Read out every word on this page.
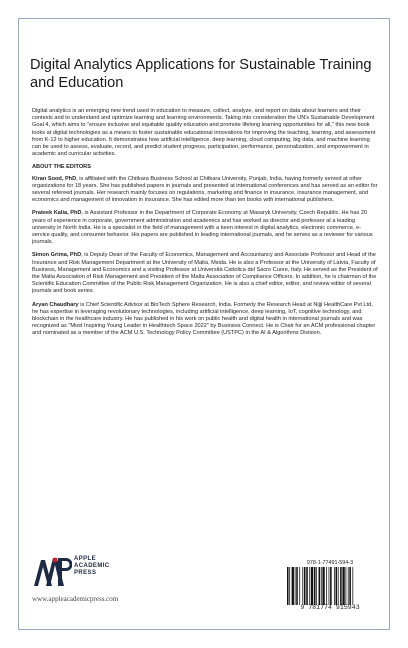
Digital Analytics Applications for Sustainable Training and Education

Digital analytics is an emerging new trend used in education to measure, collect, analyze, and report on data about learners and their contexts and to understand and optimize learning and learning environments. Taking into consideration the UN's Sustainable Development Goal 4, which aims to "ensure inclusive and equitable quality education and promote lifelong learning opportunities for all," this new book looks at digital technologies as a means to foster sustainable educational innovations for improving the teaching, learning, and assessment from K-12 to higher education. It demonstrates how artificial intelligence, deep learning, cloud computing, big data, and machine learning can be used to assess, evaluate, record, and predict student progress, participation, performance, personalization, and empowerment in academic and curricular activities.

ABOUT THE EDITORS

Kiran Sood, PhD, is affiliated with the Chitkara Business School at Chitkara University, Punjab, India, having formerly served at other organizations for 18 years. She has published papers in journals and presented at international conferences and has served as an editor for several refereed journals. Her research mainly focuses on regulations, marketing and finance in insurance, insurance management, and economics and management of innovation in insurance. She has edited more than ten books with international publishers.

Prateek Kalia, PhD, is Assistant Professor in the Department of Corporate Economy at Masaryk University, Czech Republic. He has 20 years of experience in corporate, government administration and academics and has worked as director and professor at a leading university in North India. He is a specialist in the field of management with a keen interest in digital analytics, electronic commerce, e-service quality, and consumer behavior. His papers are published in leading international journals, and he serves as a reviewer for various journals.

Simon Grima, PhD, is Deputy Dean of the Faculty of Economics, Management and Accountancy and Associate Professor and Head of the Insurance and Risk Management Department at the University of Malta, Msida. He is also a Professor at the University of Latvia, Faculty of Business, Management and Economics and a visiting Professor at Università Cattolica del Sacro Cuore, Italy. He served as the President of the Malta Association of Risk Management and President of the Malta Association of Compliance Officers. In addition, he is chairman of the Scientific Education Committee of the Public Risk Management Organization. He is also a chief editor, editor, and review editor of several journals and book series.

Aryan Chaudhary is Chief Scientific Advisor at BioTech Sphere Research, India. Formerly the Research Head at Nijji HealthCare Pvt Ltd, he has expertise in leveraging revolutionary technologies, including artificial intelligence, deep learning, IoT, cognitive technology, and blockchain in the healthcare industry. He has published in his work on public health and digital health in international journals and was recognized as "Most Inspiring Young Leader in Healthtech Space 2022" by Business Connect. He is Chair for an ACM professional chapter and nominated as a member of the ACM U.S. Technology Policy Committee (USTPC) in the AI & Algorithms Division.

APPLE
ACADEMIC
PRESS
www.appleacademicpress.com
978-1-77491-594-3
9 781774 915943
